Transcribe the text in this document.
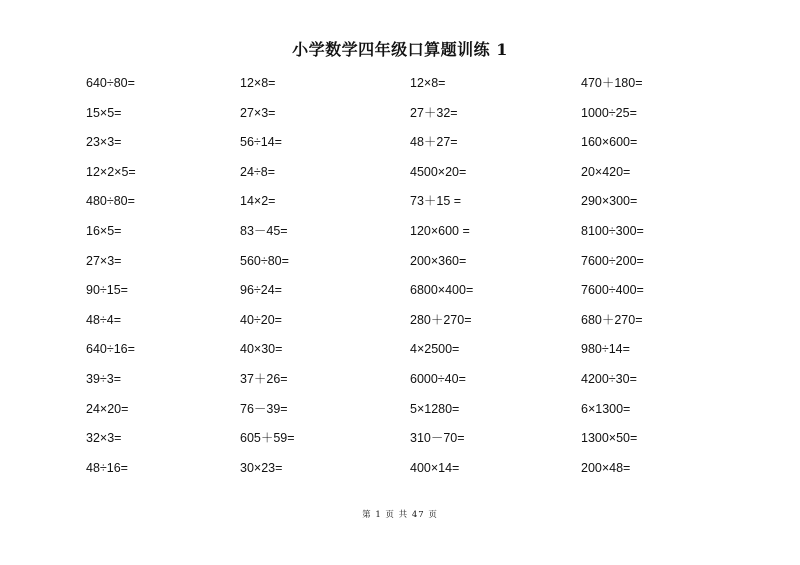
小学数学四年级口算题训练 1
640÷80=	12×8=	12×8=	470＋180=
15×5=	27×3=	27＋32=	1000÷25=
23×3=	56÷14=	48＋27=	160×600=
12×2×5=	24÷8=	4500×20=	20×420=
480÷80=	14×2=	73＋15 =	290×300=
16×5=	83－45=	120×600 =	8100÷300=
27×3=	560÷80=	200×360=	7600÷200=
90÷15=	96÷24=	6800×400=	7600÷400=
48÷4=	40÷20=	280＋270=	680＋270=
640÷16=	40×30=	4×2500=	980÷14=
39÷3=	37＋26=	6000÷40=	4200÷30=
24×20=	76－39=	5×1280=	6×1300=
32×3=	605＋59=	310－70=	1300×50=
48÷16=	30×23=	400×14=	200×48=
第 1 页 共 47 页
